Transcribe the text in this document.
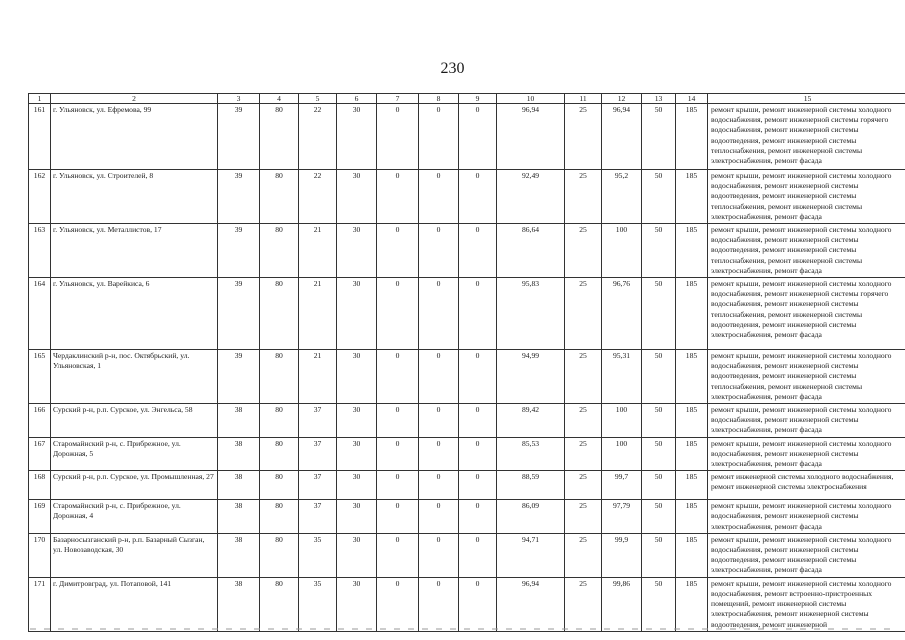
230
1	2	3	4	5	6	7	8	9	10	11	12	13	14	15
161	г. Ульяновск, ул. Ефремова, 99	39	80	22	30	0	0	0	96,94	25	96,94	50	185	ремонт крыши, ремонт инженерной системы холодного водоснабжения, ремонт инженерной системы горячего водоснабжения, ремонт инженерной системы водоотведения, ремонт инженерной системы теплоснабжения, ремонт инженерной системы электроснабжения, ремонт фасада
162	г. Ульяновск, ул. Строителей, 8	39	80	22	30	0	0	0	92,49	25	95,2	50	185	ремонт крыши, ремонт инженерной системы холодного водоснабжения, ремонт инженерной системы водоотведения, ремонт инженерной системы теплоснабжения, ремонт инженерной системы электроснабжения, ремонт фасада
163	г. Ульяновск, ул. Металлистов, 17	39	80	21	30	0	0	0	86,64	25	100	50	185	ремонт крыши, ремонт инженерной системы холодного водоснабжения, ремонт инженерной системы водоотведения, ремонт инженерной системы теплоснабжения, ремонт инженерной системы электроснабжения, ремонт фасада
164	г. Ульяновск, ул. Варейкиса, 6	39	80	21	30	0	0	0	95,83	25	96,76	50	185	ремонт крыши, ремонт инженерной системы холодного водоснабжения, ремонт инженерной системы горячего водоснабжения, ремонт инженерной системы теплоснабжения, ремонт инженерной системы водоотведения, ремонт инженерной системы электроснабжения, ремонт фасада
165	Чердаклинский р-н, пос. Октябрьский, ул. Ульяновская, 1	39	80	21	30	0	0	0	94,99	25	95,31	50	185	ремонт крыши, ремонт инженерной системы холодного водоснабжения, ремонт инженерной системы водоотведения, ремонт инженерной системы теплоснабжения, ремонт инженерной системы электроснабжения, ремонт фасада
166	Сурский р-н, р.п. Сурское, ул. Энгельса, 58	38	80	37	30	0	0	0	89,42	25	100	50	185	ремонт крыши, ремонт инженерной системы холодного водоснабжения, ремонт инженерной системы электроснабжения, ремонт фасада
167	Старомайнский р-н, с. Прибрежное, ул. Дорожная, 5	38	80	37	30	0	0	0	85,53	25	100	50	185	ремонт крыши, ремонт инженерной системы холодного водоснабжения, ремонт инженерной системы электроснабжения, ремонт фасада
168	Сурский р-н, р.п. Сурское, ул. Промышленная, 27	38	80	37	30	0	0	0	88,59	25	99,7	50	185	ремонт инженерной системы холодного водоснабжения, ремонт инженерной системы электроснабжения
169	Старомайнский р-н, с. Прибрежное, ул. Дорожная, 4	38	80	37	30	0	0	0	86,09	25	97,79	50	185	ремонт крыши, ремонт инженерной системы холодного водоснабжения, ремонт инженерной системы электроснабжения, ремонт фасада
170	Базарносызганский р-н, р.п. Базарный Сызган, ул. Новозаводская, 30	38	80	35	30	0	0	0	94,71	25	99,9	50	185	ремонт крыши, ремонт инженерной системы холодного водоснабжения, ремонт инженерной системы водоотведения, ремонт инженерной системы электроснабжения, ремонт фасада
171	г. Димитровград, ул. Потаповой, 141	38	80	35	30	0	0	0	96,94	25	99,86	50	185	ремонт крыши, ремонт инженерной системы холодного водоснабжения, ремонт встроенно-пристроенных помещений, ремонт инженерной системы электроснабжения, ремонт инженерной системы водоотведения, ремонт инженерной
